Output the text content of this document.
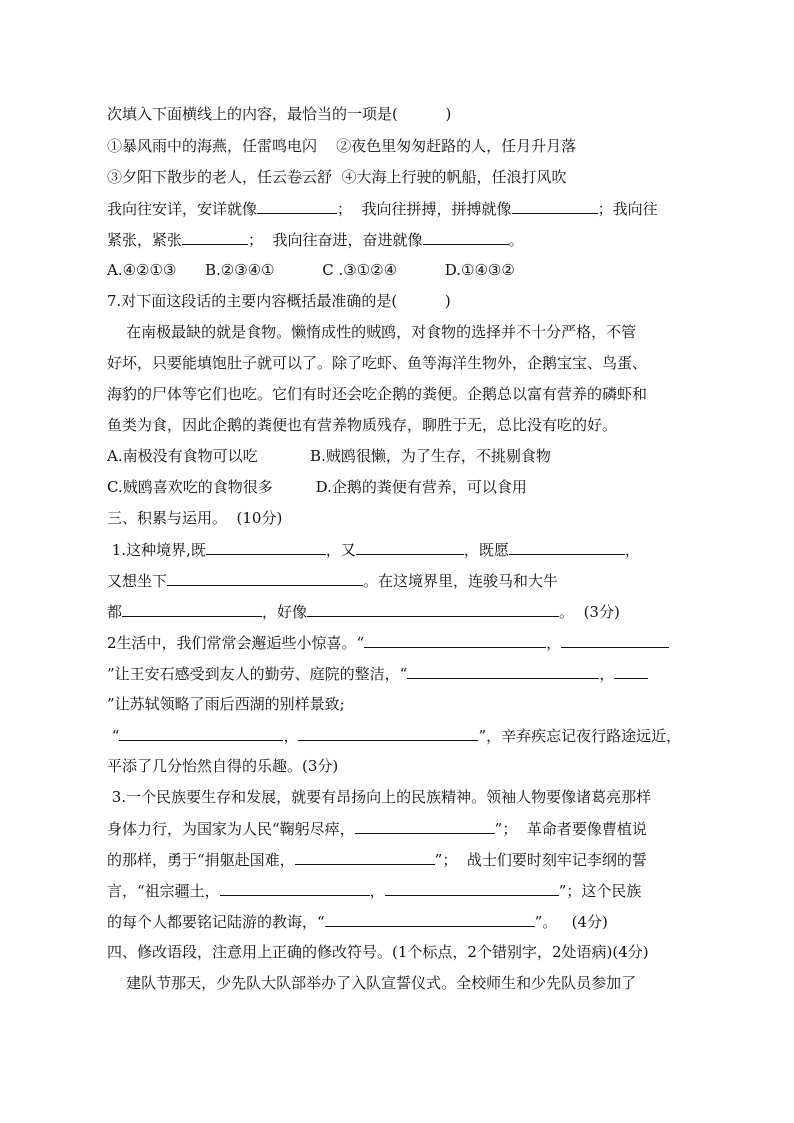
次填入下面横线上的内容，最恰当的一项是(          )
①暴风雨中的海燕，任雷鸣电闪    ②夜色里匆匆赶路的人，任月升月落
③夕阳下散步的老人，任云卷云舒  ④大海上行驶的帆船，任浪打风吹
我向往安详，安详就像	；  我向往拼搏，拼搏就像	；我向往
紧张，紧张	；  我向往奋进，奋进就像	。
A.④②①③      B.②③④①          C .③①②④          D.①④③②
7.对下面这段话的主要内容概括最准确的是(          )
在南极最缺的就是食物。懒惰成性的贼鸥，对食物的选择并不十分严格，不管
好坏，只要能填饱肚子就可以了。除了吃虾、鱼等海洋生物外，企鹅宝宝、鸟蛋、
海豹的尸体等它们也吃。它们有时还会吃企鹅的粪便。企鹅总以富有营养的磷虾和
鱼类为食，因此企鹅的粪便也有营养物质残存，聊胜于无，总比没有吃的好。
A.南极没有食物可以吃           B.贼鸥很懒，为了生存，不挑剔食物
C.贼鸥喜欢吃的食物很多         D.企鹅的粪便有营养，可以食用
三、积累与运用。  (10分)
1.这种境界,既	，又	，既愿	，
又想坐下	。在这境界里，连骏马和大牛
都	，好像	。  (3分)
2生活中，我们常常会邂逅些小惊喜。“	，
”让王安石感受到友人的勤劳、庭院的整洁，“	，
”让苏轼领略了雨后西湖的别样景致;
“	，	”，辛弃疾忘记夜行路途远近，
平添了几分怡然自得的乐趣。(3分)
3.一个民族要生存和发展，就要有昂扬向上的民族精神。领袖人物要像诸葛亮那样
身体力行，为国家为人民“鞠躬尽瘁，	”；  革命者要像曹植说
的那样，勇于“捐躯赴国难，	”；  战士们要时刻牢记李纲的誓
言，“祖宗疆土，	，	”；这个民族
的每个人都要铭记陆游的教诲，“	”。   (4分)
四、修改语段，注意用上正确的修改符号。(1个标点，2个错别字，2处语病)(4分)
建队节那天，少先队大队部举办了入队宣誓仪式。全校师生和少先队员参加了
